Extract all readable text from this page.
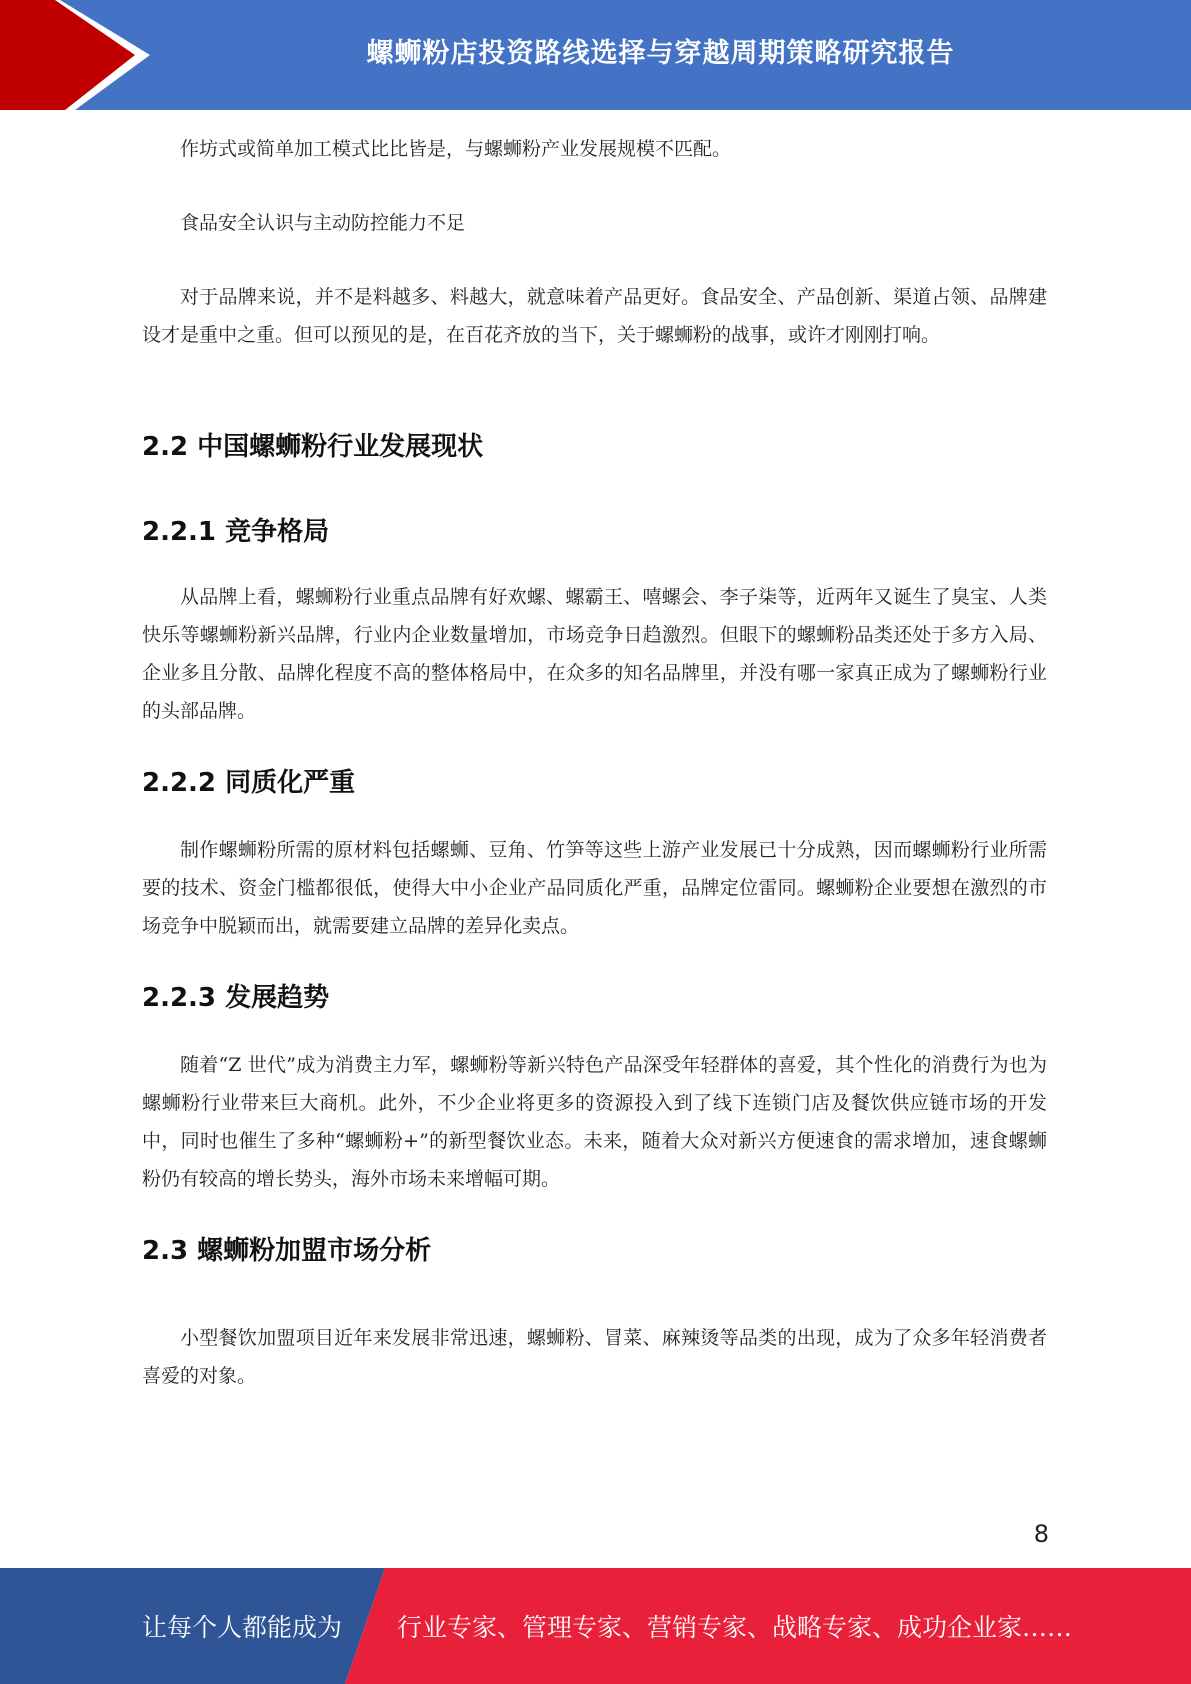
螺蛳粉店投资路线选择与穿越周期策略研究报告

作坊式或简单加工模式比比皆是，与螺蛳粉产业发展规模不匹配。

食品安全认识与主动防控能力不足

对于品牌来说，并不是料越多、料越大，就意味着产品更好。食品安全、产品创新、渠道占领、品牌建设才是重中之重。但可以预见的是，在百花齐放的当下，关于螺蛳粉的战事，或许才刚刚打响。

2.2 中国螺蛳粉行业发展现状
2.2.1 竞争格局

从品牌上看，螺蛳粉行业重点品牌有好欢螺、螺霸王、嘻螺会、李子柒等，近两年又诞生了臭宝、人类快乐等螺蛳粉新兴品牌，行业内企业数量增加，市场竞争日趋激烈。但眼下的螺蛳粉品类还处于多方入局、企业多且分散、品牌化程度不高的整体格局中，在众多的知名品牌里，并没有哪一家真正成为了螺蛳粉行业的头部品牌。

2.2.2 同质化严重

制作螺蛳粉所需的原材料包括螺蛳、豆角、竹笋等这些上游产业发展已十分成熟，因而螺蛳粉行业所需要的技术、资金门槛都很低，使得大中小企业产品同质化严重，品牌定位雷同。螺蛳粉企业要想在激烈的市场竞争中脱颖而出，就需要建立品牌的差异化卖点。

2.2.3 发展趋势

随着“Z 世代”成为消费主力军，螺蛳粉等新兴特色产品深受年轻群体的喜爱，其个性化的消费行为也为螺蛳粉行业带来巨大商机。此外，不少企业将更多的资源投入到了线下连锁门店及餐饮供应链市场的开发中，同时也催生了多种“螺蛳粉+”的新型餐饮业态。未来，随着大众对新兴方便速食的需求增加，速食螺蛳粉仍有较高的增长势头，海外市场未来增幅可期。

2.3 螺蛳粉加盟市场分析

小型餐饮加盟项目近年来发展非常迅速，螺蛳粉、冒菜、麻辣烫等品类的出现，成为了众多年轻消费者喜爱的对象。

8
让每个人都能成为 行业专家、管理专家、营销专家、战略专家、成功企业家……
